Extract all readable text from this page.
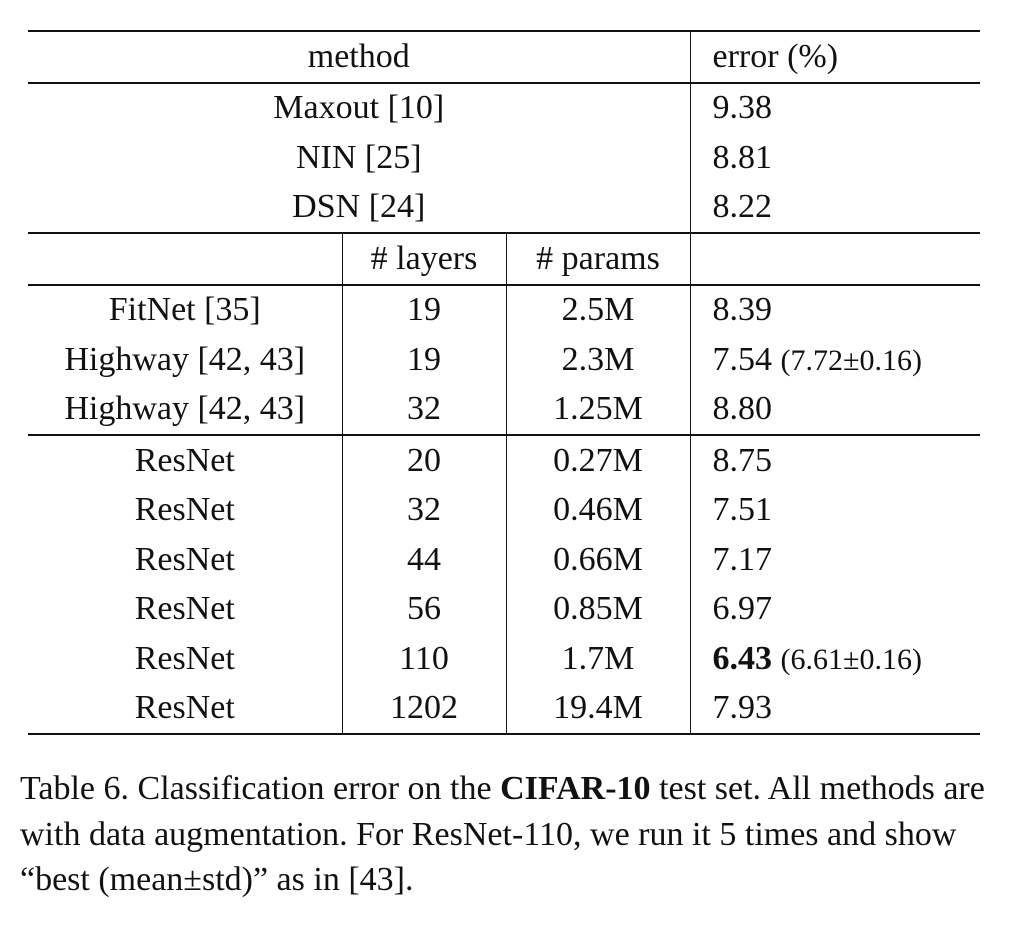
method			error (%)
Maxout [10]			9.38
NIN [25]			8.81
DSN [24]			8.22
	# layers	# params	
FitNet [35]	19	2.5M	8.39
Highway [42, 43]	19	2.3M	7.54 (7.72±0.16)
Highway [42, 43]	32	1.25M	8.80
ResNet	20	0.27M	8.75
ResNet	32	0.46M	7.51
ResNet	44	0.66M	7.17
ResNet	56	0.85M	6.97
ResNet	110	1.7M	6.43 (6.61±0.16)
ResNet	1202	19.4M	7.93
Table 6. Classification error on the CIFAR-10 test set. All methods are with data augmentation. For ResNet-110, we run it 5 times and show “best (mean±std)” as in [43].
